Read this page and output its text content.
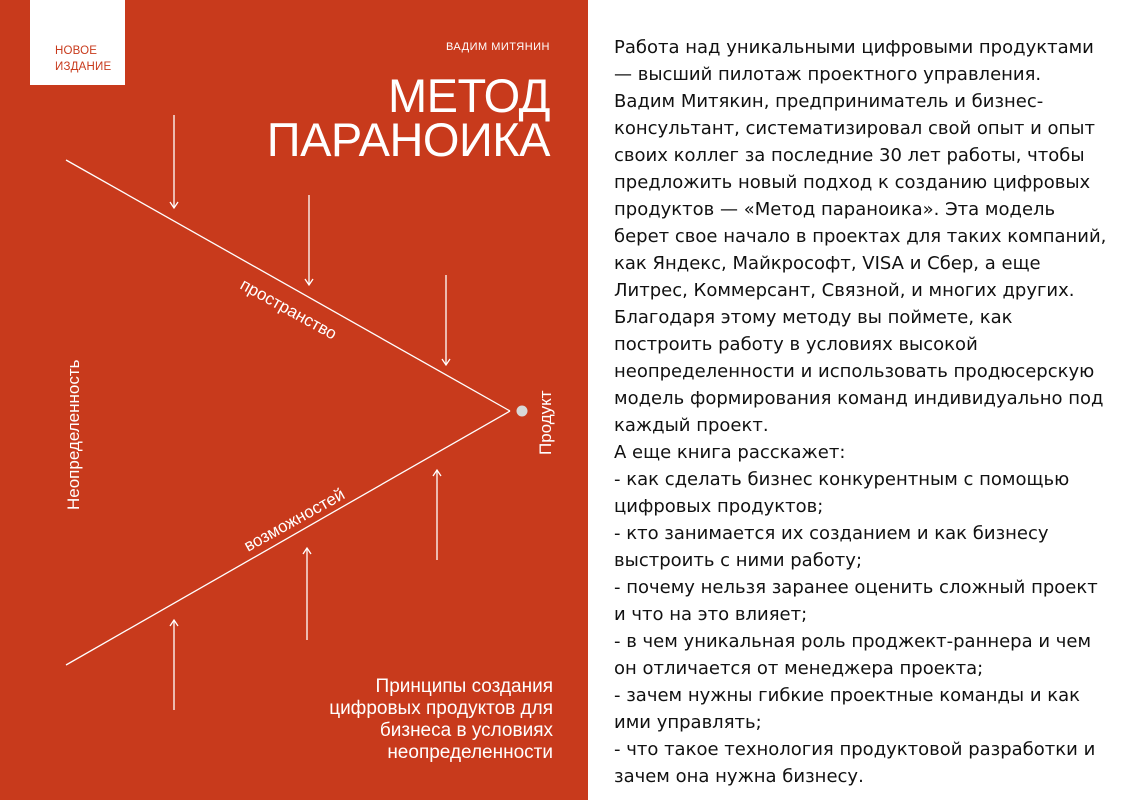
НОВОЕ
ИЗДАНИЕ
ВАДИМ МИТЯНИН
МЕТОД
ПАРАНОИКА
Неопределенность
пространство
возможностей
Продукт
Принципы создания
цифровых продуктов для
бизнеса в условиях
неопределенности
Работа над уникальными цифровыми продуктами
— высший пилотаж проектного управления.
Вадим Митякин, предприниматель и бизнес-
консультант, систематизировал свой опыт и опыт
своих коллег за последние 30 лет работы, чтобы
предложить новый подход к созданию цифровых
продуктов — «Метод параноика». Эта модель
берет свое начало в проектах для таких компаний,
как Яндекс, Майкрософт, VISA и Сбер, а еще
Литрес, Коммерсант, Связной, и многих других.
Благодаря этому методу вы поймете, как
построить работу в условиях высокой
неопределенности и использовать продюсерскую
модель формирования команд индивидуально под
каждый проект.
А еще книга расскажет:
- как сделать бизнес конкурентным с помощью
цифровых продуктов;
- кто занимается их созданием и как бизнесу
выстроить с ними работу;
- почему нельзя заранее оценить сложный проект
и что на это влияет;
- в чем уникальная роль проджект-раннера и чем
он отличается от менеджера проекта;
- зачем нужны гибкие проектные команды и как
ими управлять;
- что такое технология продуктовой разработки и
зачем она нужна бизнесу.
